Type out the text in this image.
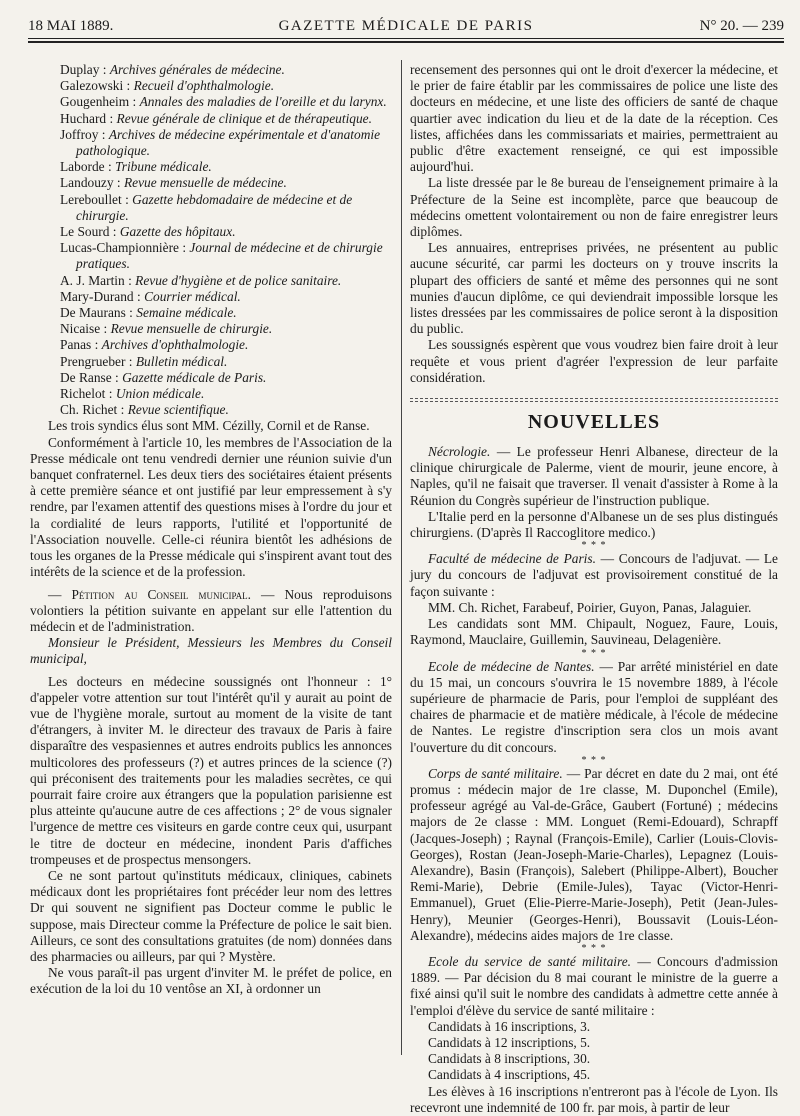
18 MAI 1889.	GAZETTE MÉDICALE DE PARIS	N° 20. — 239

Duplay : Archives générales de médecine.

Galezowski : Recueil d'ophthalmologie.

Gougenheim : Annales des maladies de l'oreille et du larynx.

Huchard : Revue générale de clinique et de thérapeutique.

Joffroy : Archives de médecine expérimentale et d'anatomie pathologique.

Laborde : Tribune médicale.

Landouzy : Revue mensuelle de médecine.

Lereboullet : Gazette hebdomadaire de médecine et de chirurgie.

Le Sourd : Gazette des hôpitaux.

Lucas-Championnière : Journal de médecine et de chirurgie pratiques.

A. J. Martin : Revue d'hygiène et de police sanitaire.

Mary-Durand : Courrier médical.

De Maurans : Semaine médicale.

Nicaise : Revue mensuelle de chirurgie.

Panas : Archives d'ophthalmologie.

Prengrueber : Bulletin médical.

De Ranse : Gazette médicale de Paris.

Richelot : Union médicale.

Ch. Richet : Revue scientifique.

Les trois syndics élus sont MM. Cézilly, Cornil et de Ranse.

Conformément à l'article 10, les membres de l'Association de la Presse médicale ont tenu vendredi dernier une réunion suivie d'un banquet confraternel. Les deux tiers des sociétaires étaient présents à cette première séance et ont justifié par leur empressement à s'y rendre, par l'examen attentif des questions mises à l'ordre du jour et la cordialité de leurs rapports, l'utilité et l'opportunité de l'Association nouvelle. Celle-ci réunira bientôt les adhésions de tous les organes de la Presse médicale qui s'inspirent avant tout des intérêts de la science et de la profession.

— Pétition au Conseil municipal. — Nous reproduisons volontiers la pétition suivante en appelant sur elle l'attention du médecin et de l'administration.

Monsieur le Président, Messieurs les Membres du Conseil municipal,

Les docteurs en médecine soussignés ont l'honneur : 1° d'appeler votre attention sur tout l'intérêt qu'il y aurait au point de vue de l'hygiène morale, surtout au moment de la visite de tant d'étrangers, à inviter M. le directeur des travaux de Paris à faire disparaître des vespasiennes et autres endroits publics les annonces multicolores des professeurs (?) et autres princes de la science (?) qui préconisent des traitements pour les maladies secrètes, ce qui pourrait faire croire aux étrangers que la population parisienne est plus atteinte qu'aucune autre de ces affections ; 2° de vous signaler l'urgence de mettre ces visiteurs en garde contre ceux qui, usurpant le titre de docteur en médecine, inondent Paris d'affiches trompeuses et de prospectus mensongers.

Ce ne sont partout qu'instituts médicaux, cliniques, cabinets médicaux dont les propriétaires font précéder leur nom des lettres Dr qui souvent ne signifient pas Docteur comme le public le suppose, mais Directeur comme la Préfecture de police le sait bien. Ailleurs, ce sont des consultations gratuites (de nom) données dans des pharmacies ou ailleurs, par qui ? Mystère.

Ne vous paraît-il pas urgent d'inviter M. le préfet de police, en exécution de la loi du 10 ventôse an XI, à ordonner un

recensement des personnes qui ont le droit d'exercer la médecine, et le prier de faire établir par les commissaires de police une liste des docteurs en médecine, et une liste des officiers de santé de chaque quartier avec indication du lieu et de la date de la réception. Ces listes, affichées dans les commissariats et mairies, permettraient au public d'être exactement renseigné, ce qui est impossible aujourd'hui.

La liste dressée par le 8e bureau de l'enseignement primaire à la Préfecture de la Seine est incomplète, parce que beaucoup de médecins omettent volontairement ou non de faire enregistrer leurs diplômes.

Les annuaires, entreprises privées, ne présentent au public aucune sécurité, car parmi les docteurs on y trouve inscrits la plupart des officiers de santé et même des personnes qui ne sont munies d'aucun diplôme, ce qui deviendrait impossible lorsque les listes dressées par les commissaires de police seront à la disposition du public.

Les soussignés espèrent que vous voudrez bien faire droit à leur requête et vous prient d'agréer l'expression de leur parfaite considération.

NOUVELLES

Nécrologie. — Le professeur Henri Albanese, directeur de la clinique chirurgicale de Palerme, vient de mourir, jeune encore, à Naples, qu'il ne faisait que traverser. Il venait d'assister à Rome à la Réunion du Congrès supérieur de l'instruction publique.

L'Italie perd en la personne d'Albanese un de ses plus distingués chirurgiens. (D'après Il Raccoglitore medico.)

* * *

Faculté de médecine de Paris. — Concours de l'adjuvat. — Le jury du concours de l'adjuvat est provisoirement constitué de la façon suivante :

MM. Ch. Richet, Farabeuf, Poirier, Guyon, Panas, Jalaguier.

Les candidats sont MM. Chipault, Noguez, Faure, Louis, Raymond, Mauclaire, Guillemin, Sauvineau, Delagenière.

* * *

Ecole de médecine de Nantes. — Par arrêté ministériel en date du 15 mai, un concours s'ouvrira le 15 novembre 1889, à l'école supérieure de pharmacie de Paris, pour l'emploi de suppléant des chaires de pharmacie et de matière médicale, à l'école de médecine de Nantes. Le registre d'inscription sera clos un mois avant l'ouverture du dit concours.

* * *

Corps de santé militaire. — Par décret en date du 2 mai, ont été promus : médecin major de 1re classe, M. Duponchel (Emile), professeur agrégé au Val-de-Grâce, Gaubert (Fortuné) ; médecins majors de 2e classe : MM. Longuet (Remi-Edouard), Schrapff (Jacques-Joseph) ; Raynal (François-Emile), Carlier (Louis-Clovis-Georges), Rostan (Jean-Joseph-Marie-Charles), Lepagnez (Louis-Alexandre), Basin (François), Salebert (Philippe-Albert), Boucher Remi-Marie), Debrie (Emile-Jules), Tayac (Victor-Henri-Emmanuel), Gruet (Elie-Pierre-Marie-Joseph), Petit (Jean-Jules-Henry), Meunier (Georges-Henri), Boussavit (Louis-Léon-Alexandre), médecins aides majors de 1re classe.

* * *

Ecole du service de santé militaire. — Concours d'admission 1889. — Par décision du 8 mai courant le ministre de la guerre a fixé ainsi qu'il suit le nombre des candidats à admettre cette année à l'emploi d'élève du service de santé militaire :

Candidats à 16 inscriptions, 3.

Candidats à 12 inscriptions, 5.

Candidats à 8 inscriptions, 30.

Candidats à 4 inscriptions, 45.

Les élèves à 16 inscriptions n'entreront pas à l'école de Lyon. Ils recevront une indemnité de 100 fr. par mois, à partir de leur
